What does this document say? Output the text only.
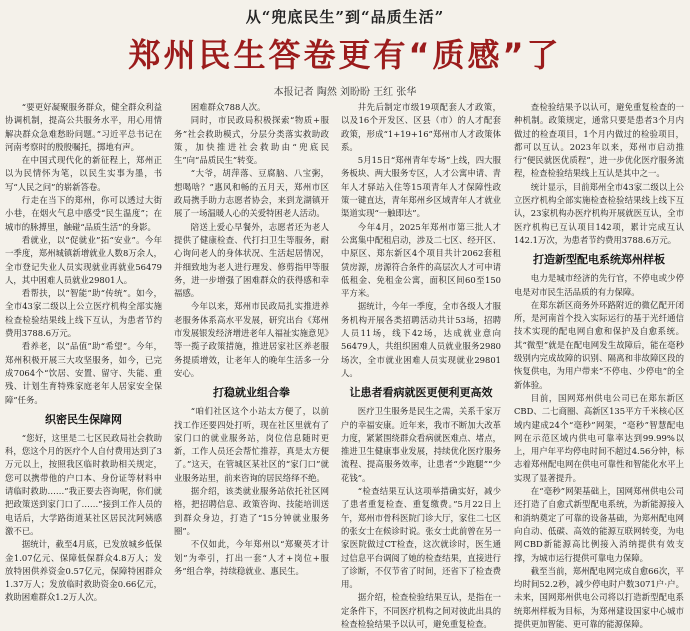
从“兜底民生”到“品质生活”
郑州民生答卷更有“质感”了
本报记者 陶然 刘盼盼 王红 张华

“要更好凝聚服务群众，健全群众利益协调机制，提高公共服务水平，用心用情解决群众急难愁盼问题。”习近平总书记在河南考察时的殷殷嘱托，掷地有声。

在中国式现代化的新征程上，郑州正以为民情怀为笔，以民生实事为墨，书写“人民之问”的崭新答卷。

行走在当下的郑州，你可以透过大街小巷，在烟火气息中感受“民生温度”；在城市的脉搏里，触碰“品质生活”的身影。

看就业，以“促就业”拓“安业”。今年一季度，郑州城镇新增就业人数8万余人，全市登记失业人员实现就业再就业56479人，其中困难人员就业29801人。

看帮扶，以“智能”助“传统”。如今，全市43家二级以上公立医疗机构全部实施检查检验结果线上线下互认，为患者节约费用3788.6万元。

看养老，以“品值”助“希望”。今年，郑州积极开展三大攻坚服务，如今，已完成7064个“饮居、安置、留守、失能、重残、计划生育特殊家庭老年人居家安全保障”任务。

织密民生保障网

“您好，这里是二七区民政局社会救助科，您这个月的医疗个人自付费用达到了3万元以上，按照我区临时救助相关规定，您可以携带他的户口本、身份证等材料申请临时救助……”我正要去咨询呢，你们就把政策送到家门口了……”接到工作人员的电话后，大学路街道某社区居民沈阿姨感激不已。

据统计，截至4月底，已发放城乡低保金1.07亿元、保障低保群众4.8万人；发放特困供养资金0.57亿元，保障特困群众1.37万人；发放临时救助资金0.66亿元，救助困难群众1.2万人次。

困难群众788人次。

同时，市民政局积极探索“物质+服务”社会救助模式，分层分类落实救助政策，加快推进社会救助由“兜底民生”向“品质民生”转变。

“大爷，胡萍落、豆腐脑、八宝粥，想喝啥？”惠风和畅的五月天，郑州市区政局携手助力志愿者协会，来到龙湖镇开展了一场温暖人心的关爱特困老人活动。

陪送上爱心早餐外，志愿者还为老人提供了健康检查、代打扫卫生等服务，耐心询问老人的身体状况、生活起居情况，并细致地为老人进行理发、修剪指甲等服务，进一步增强了困难群众的获得感和幸福感。

今年以来，郑州市民政局扎实推进养老服务体系高水平发展，研究出台《郑州市发展银发经济增进老年人福祉实施意见》等一揽子政策措施，推进居家社区养老服务提质增效，让老年人的晚年生活多一分安心。

打稳就业组合拳

“咱们社区这个小站太方便了，以前找工作还要四处打听，现在社区里就有了家门口的就业服务站，岗位信息随时更新，工作人员还会帮忙推荐，真是太方便了。”这天，在管城区某社区的“家门口”就业服务站里，前来咨询的居民络绎不绝。

据介绍，该类就业服务站依托社区网格，把招聘信息、政策咨询、技能培训送到群众身边，打造了“15分钟就业服务圈”。

不仅如此，今年郑州以“郑聚英才计划”为牵引，打出一套“人才+岗位+服务”组合拳，持续稳就业、惠民生。

井先后制定市级19项配套人才政策，以及16个开发区、区县（市）的人才配套政策，形成“1+19+16”郑州市人才政策体系。

5月15日“郑州青年专场”上线，四大服务板块、两大服务专区，人才公寓申请、青年人才驿站入住等15项青年人才保障性政策一键直达，青年郑州乡区域青年人才就业渠道实现“一触即达”。

今年4月，2025年郑州市第三批人才公寓集中配租启动，涉及二七区、经开区、中原区、郑东新区4个项目共计2062套租赁房源，房源符合条件的高层次人才可申请低租金、免租金公寓，面积区间60至150平方米。

据统计，今年一季度，全市各级人才服务机构开展各类招聘活动共计53场，招聘人员11场，线下42场，达成就业意向56479人，共组织困难人员就业服务2980场次，全市就业困难人员实现就业29801人。

让患者看病就医更便利更高效

医疗卫生服务是民生之需，关系千家万户的幸福安康。近年来，我市不断加大改革力度，紧紧围绕群众看病就医难点、堵点，推进卫生健康事业发展，持续优化医疗服务流程、提高服务效率，让患者“少跑腿”“少花钱”。

“检查结果互认这项举措确实好，减少了患者重复检查、重复缴费。”5月22日上午，郑州市骨科医院门诊大厅，家住二七区的张女士在候诊时说。张女士此前曾在另一家医院做过CT检查，这次就诊时，医生通过信息平台调阅了她的检查结果，直接进行了诊断，不仅节省了时间，还省下了检查费用。

据介绍，检查检验结果互认，是指在一定条件下，不同医疗机构之间对彼此出具的检查检验结果予以认可，避免重复检查。

查检验结果予以认可，避免重复检查的一种机制。政策规定，通常只要是患者3个月内做过的检查项目，1个月内做过的检验项目，都可以互认。2023年以来，郑州市启动推行“便民就医优质程”，进一步优化医疗服务流程，检查检验结果线上互认是其中之一。

统计显示，目前郑州全市43家二级以上公立医疗机构全部实施检查检验结果线上线下互认，23家机构办医疗机构开展就医互认，全市医疗机构已互认项目142项，累计完成互认142.1万次，为患者节约费用3788.6万元。

打造新型配电系统郑州样板

电力是城市经济的先行官，不停电或少停电是对市民生活品质的有力保障。

在郑东新区商务外环路附近的微亿配开闭所，是河南首个投入实际运行的基于光纤通信技术实现的配电网自愈和保护及自愈系统。其“微型”就是在配电网发生故障后，能在毫秒级别内完成故障的识别、隔离和非故障区段的恢复供电，为用户带来“不停电、少停电”的全新体验。

目前，国网郑州供电公司已在郑东新区CBD、二七商圈、高新区135平方千米核心区域内建成24个“毫秒”网架，“毫秒”智慧配电网在示范区域内供电可靠率达到99.99%以上，用户年平均停电时间不超过4.56分钟，标志着郑州配电网在供电可靠性和智能化水平上实现了显著提升。

在“毫秒”网架基础上，国网郑州供电公司还打造了自愈式新型配电系统，为新能源接入和消纳奠定了可靠的设备基础，为郑州配电网向自动、低碳、高效的能源互联网转变，为电网CBD新能源高比例接入消纳提供有效支撑，为城市运行提供可靠电力保障。

截至当前，郑州配电网完成自愈66次，平均时间52.2秒，减少停电时户数3071户·户。未来，国网郑州供电公司将以打造新型配电系统郑州样板为目标，为郑州建设国家中心城市提供更加智能、更可靠的能源保障。
